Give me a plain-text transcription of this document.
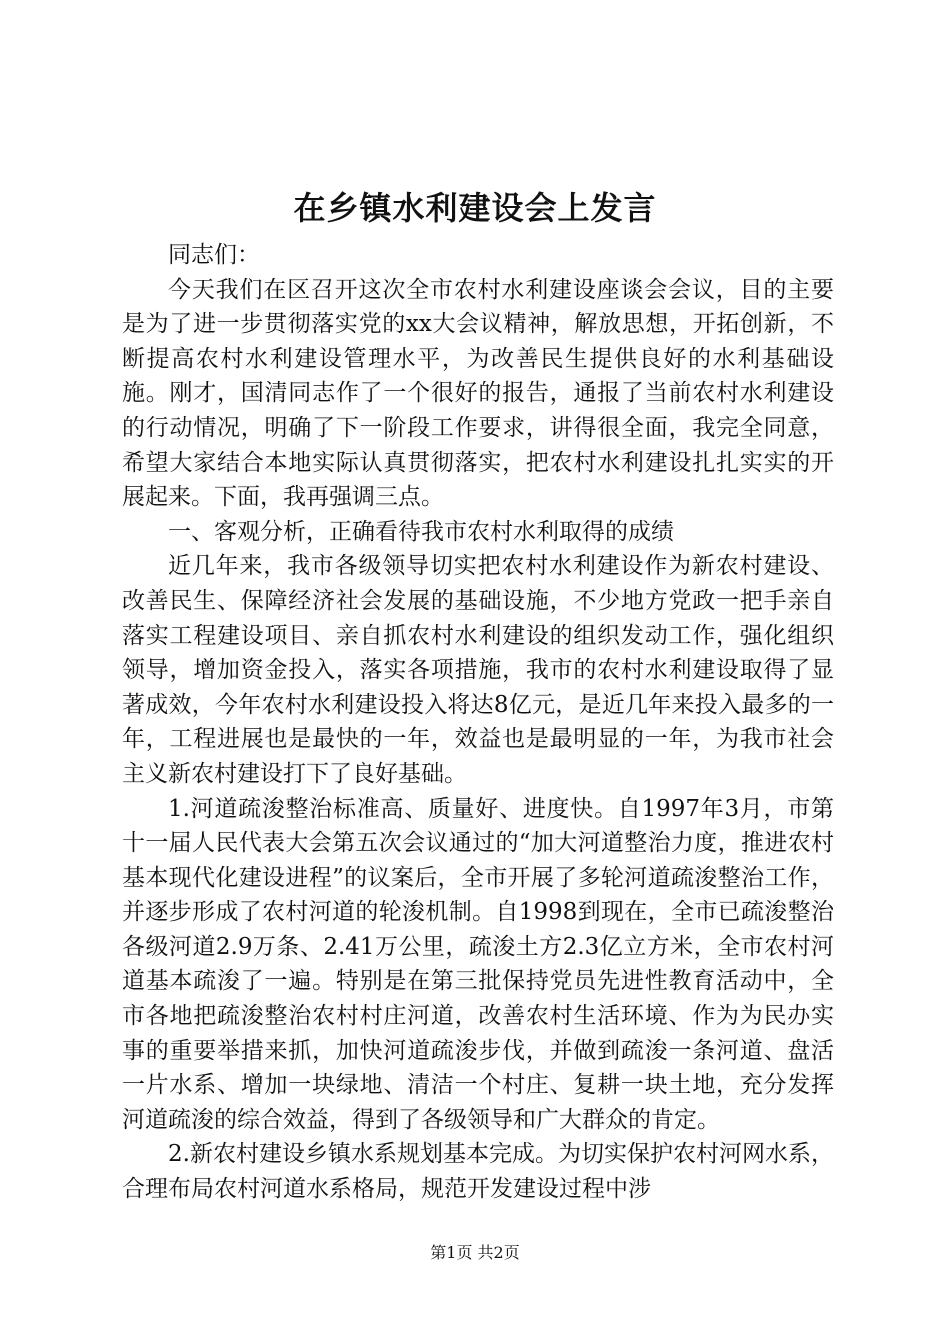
在乡镇水利建设会上发言

同志们：

今天我们在区召开这次全市农村水利建设座谈会会议，目的主要是为了进一步贯彻落实党的xx大会议精神，解放思想，开拓创新，不断提高农村水利建设管理水平，为改善民生提供良好的水利基础设施。刚才，国清同志作了一个很好的报告，通报了当前农村水利建设的行动情况，明确了下一阶段工作要求，讲得很全面，我完全同意，希望大家结合本地实际认真贯彻落实，把农村水利建设扎扎实实的开展起来。下面，我再强调三点。

一、客观分析，正确看待我市农村水利取得的成绩

近几年来，我市各级领导切实把农村水利建设作为新农村建设、改善民生、保障经济社会发展的基础设施，不少地方党政一把手亲自落实工程建设项目、亲自抓农村水利建设的组织发动工作，强化组织领导，增加资金投入，落实各项措施，我市的农村水利建设取得了显著成效，今年农村水利建设投入将达8亿元，是近几年来投入最多的一年，工程进展也是最快的一年，效益也是最明显的一年，为我市社会主义新农村建设打下了良好基础。

1.河道疏浚整治标准高、质量好、进度快。自1997年3月，市第十一届人民代表大会第五次会议通过的“加大河道整治力度，推进农村基本现代化建设进程”的议案后，全市开展了多轮河道疏浚整治工作，并逐步形成了农村河道的轮浚机制。自1998到现在，全市已疏浚整治各级河道2.9万条、2.41万公里，疏浚土方2.3亿立方米，全市农村河道基本疏浚了一遍。特别是在第三批保持党员先进性教育活动中，全市各地把疏浚整治农村村庄河道，改善农村生活环境、作为为民办实事的重要举措来抓，加快河道疏浚步伐，并做到疏浚一条河道、盘活一片水系、增加一块绿地、清洁一个村庄、复耕一块土地，充分发挥河道疏浚的综合效益，得到了各级领导和广大群众的肯定。

2.新农村建设乡镇水系规划基本完成。为切实保护农村河网水系，合理布局农村河道水系格局，规范开发建设过程中涉

第1页 共2页
